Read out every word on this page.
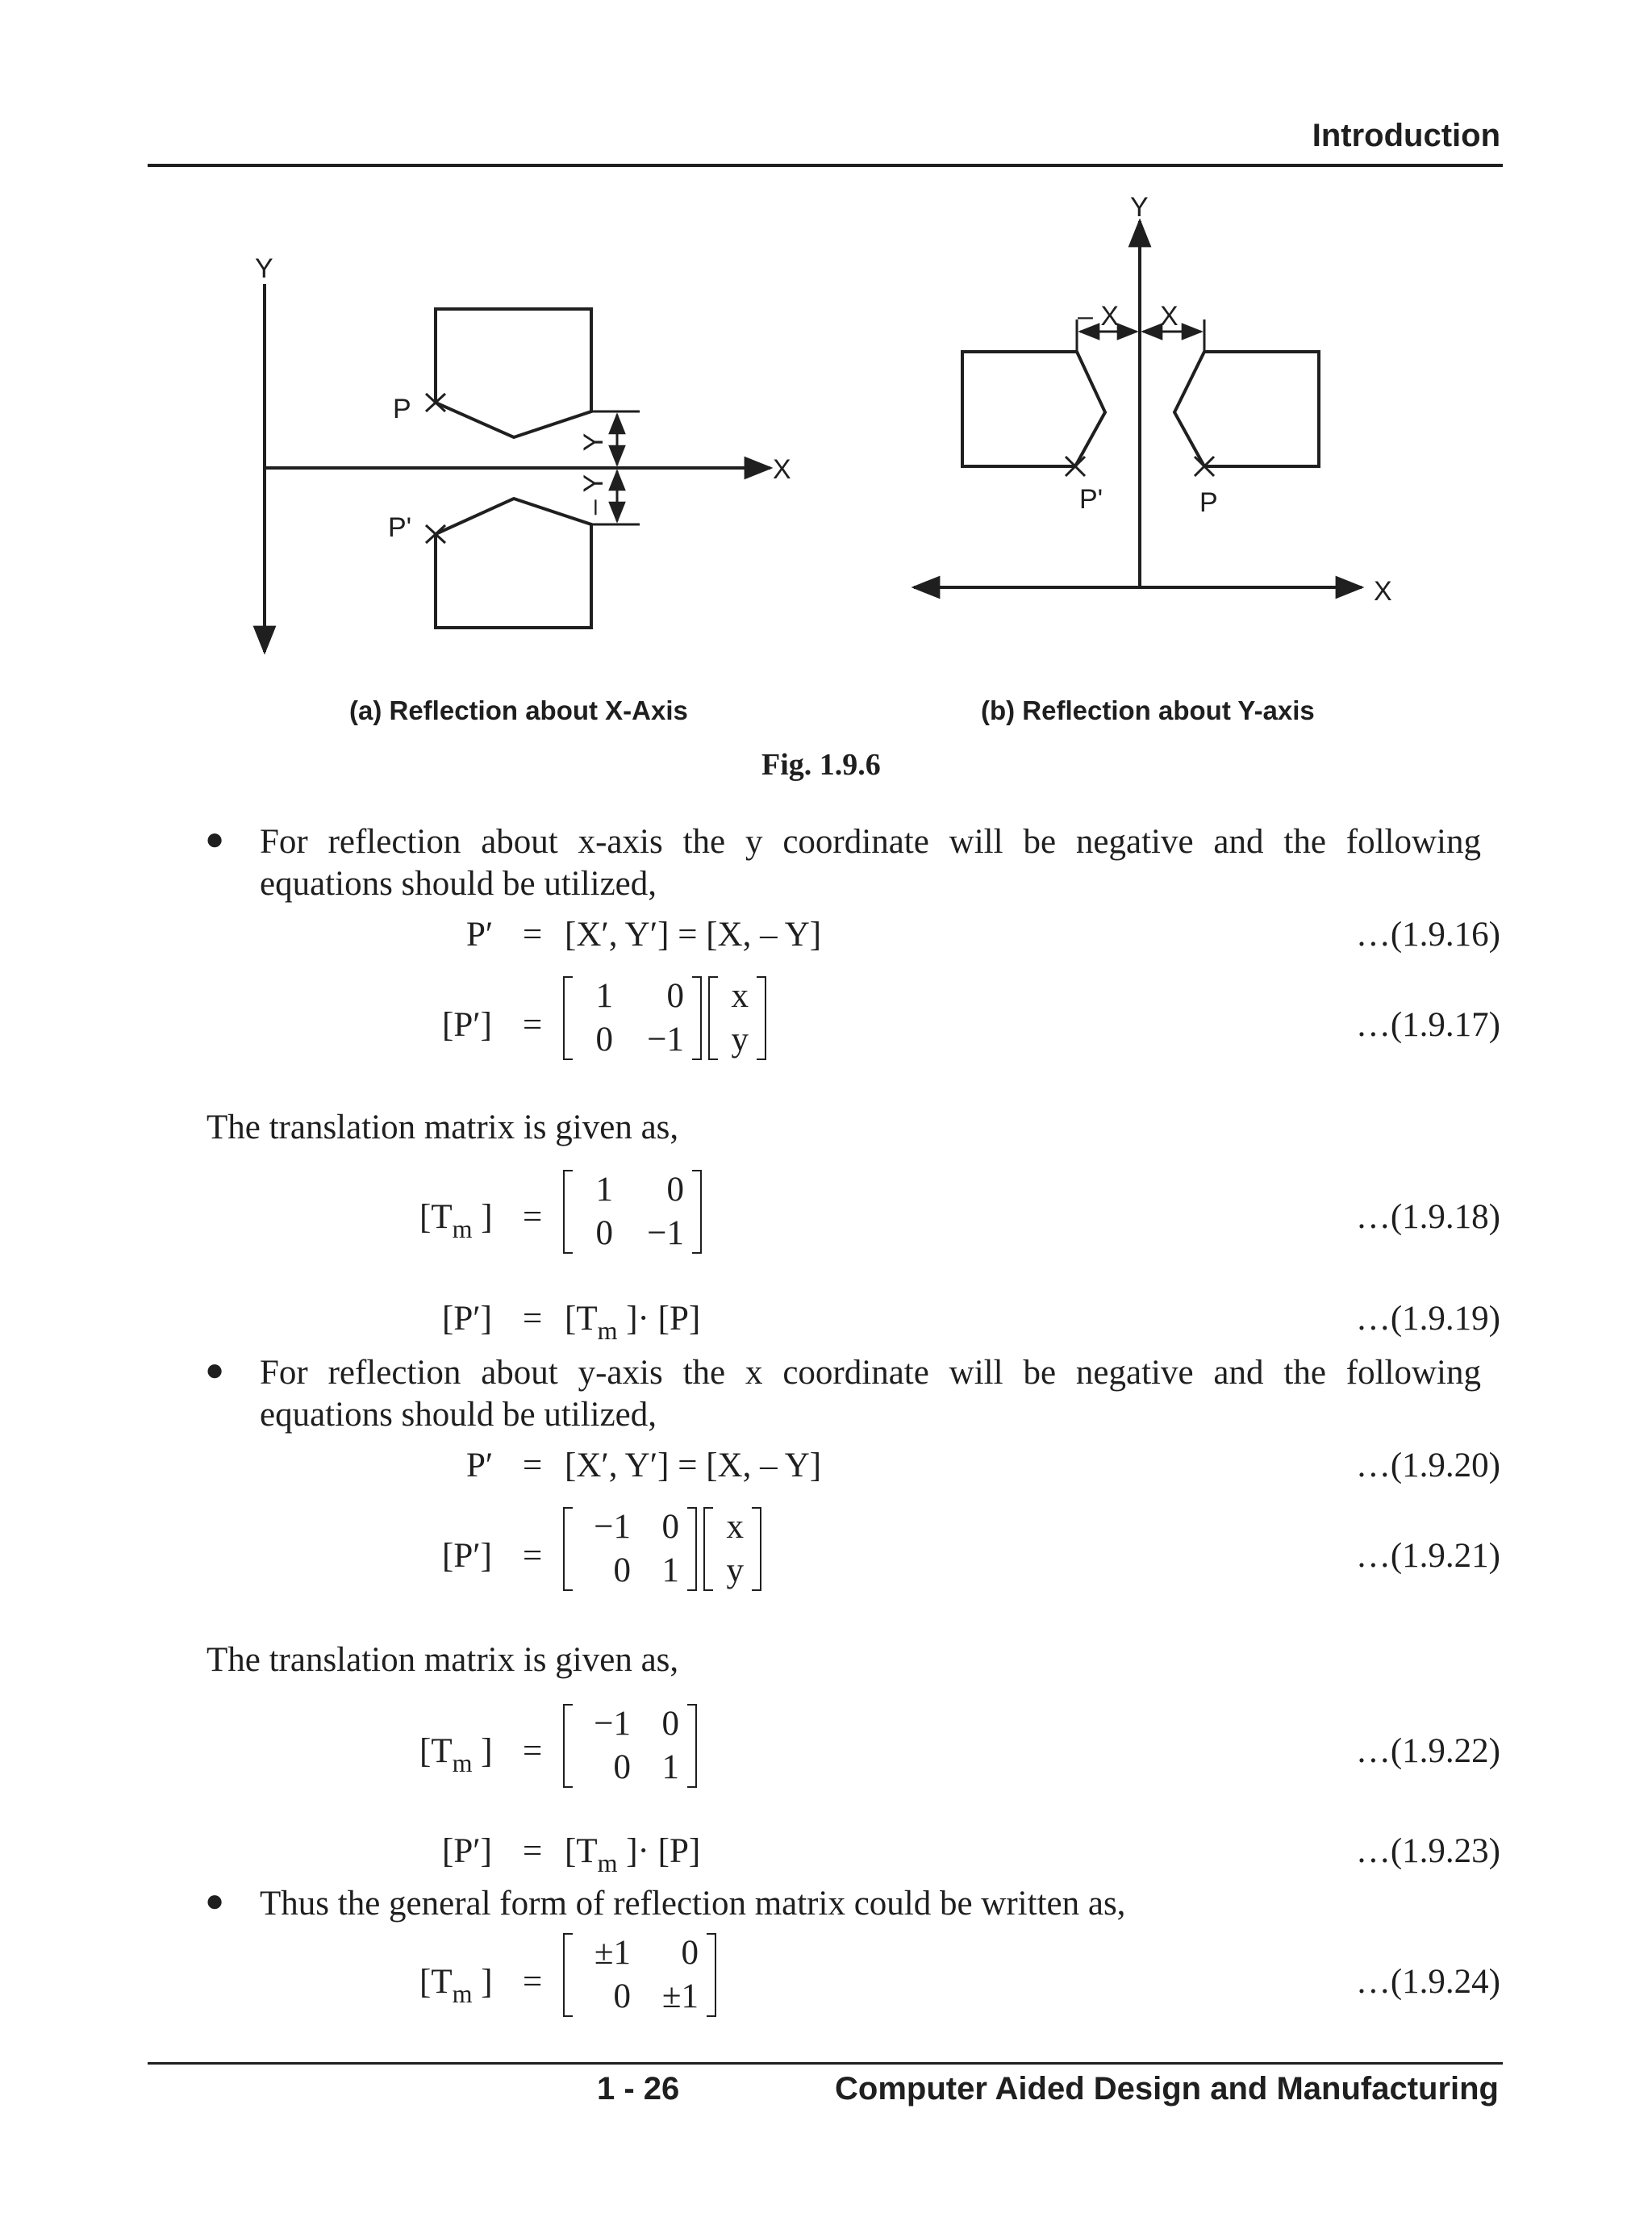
Introduction
Y
X
P
P'
Y
– Y
Y
X
– X X
P'	P
(a) Reflection about X-Axis	(b) Reflection about Y-axis
Fig. 1.9.6
● For reflection about x-axis the y coordinate will be negative and the following
equations should be utilized,
P′ = [X′, Y′] = [X, – Y]	…(1.9.16)
[P′] =
1	0
0 −1

x
y	…(1.9.17)
The translation matrix is given as,
[$T_m$ ] =
1	0
0 −1	…(1.9.18)
$[P'] = [T_m$ ]· [P]	…(1.9.19)
● For reflection about y-axis the x coordinate will be negative and the following
equations should be utilized,
P′ = [X′, Y′] = [X, – Y]	…(1.9.20)
[P′] =
−1 0
0 1

x
y	…(1.9.21)
The translation matrix is given as,
[$T_m$ ] =
−1 0
0 1	…(1.9.22)
$[P'] = [T_m$ ]· [P]	…(1.9.23)
● Thus the general form of reflection matrix could be written as,
[$T_m$ ] =
±1	0
0 ±1	…(1.9.24)
1 - 26	Computer Aided Design and Manufacturing
